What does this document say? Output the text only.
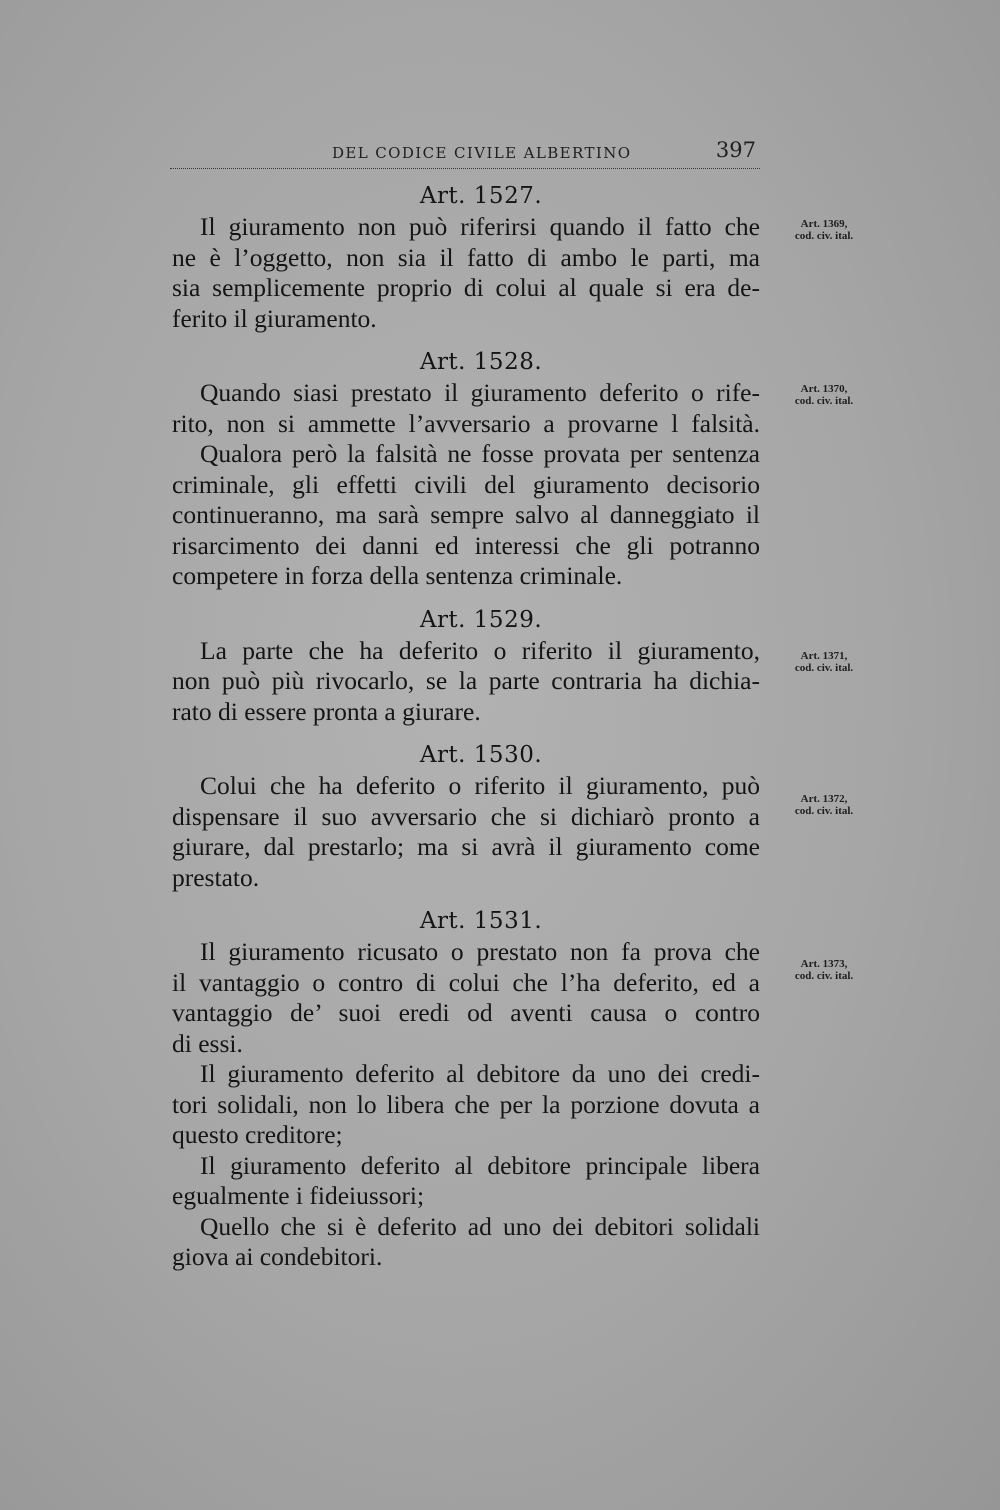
DEL CODICE CIVILE ALBERTINO	397
Art. 1527.

Il giuramento non può riferirsi quando il fatto che
ne è l’oggetto, non sia il fatto di ambo le parti, ma
sia semplicemente proprio di colui al quale si era de-
ferito il giuramento.

Art. 1528.

Quando siasi prestato il giuramento deferito o rife-
rito, non si ammette l’avversario a provarne l falsità.

Qualora però la falsità ne fosse provata per sentenza
criminale, gli effetti civili del giuramento decisorio
continueranno, ma sarà sempre salvo al danneggiato il
risarcimento dei danni ed interessi che gli potranno
competere in forza della sentenza criminale.

Art. 1529.

La parte che ha deferito o riferito il giuramento,
non può più rivocarlo, se la parte contraria ha dichia-
rato di essere pronta a giurare.

Art. 1530.

Colui che ha deferito o riferito il giuramento, può
dispensare il suo avversario che si dichiarò pronto a
giurare, dal prestarlo; ma si avrà il giuramento come
prestato.

Art. 1531.

Il giuramento ricusato o prestato non fa prova che
il vantaggio o contro di colui che l’ha deferito, ed a
vantaggio de’ suoi eredi od aventi causa o contro
di essi.

Il giuramento deferito al debitore da uno dei credi-
tori solidali, non lo libera che per la porzione dovuta a
questo creditore;

Il giuramento deferito al debitore principale libera
egualmente i fideiussori;

Quello che si è deferito ad uno dei debitori solidali
giova ai condebitori.

Art. 1369,
cod. civ. ital.
Art. 1370,
cod. civ. ital.
Art. 1371,
cod. civ. ital.
Art. 1372,
cod. civ. ital.
Art. 1373,
cod. civ. ital.
